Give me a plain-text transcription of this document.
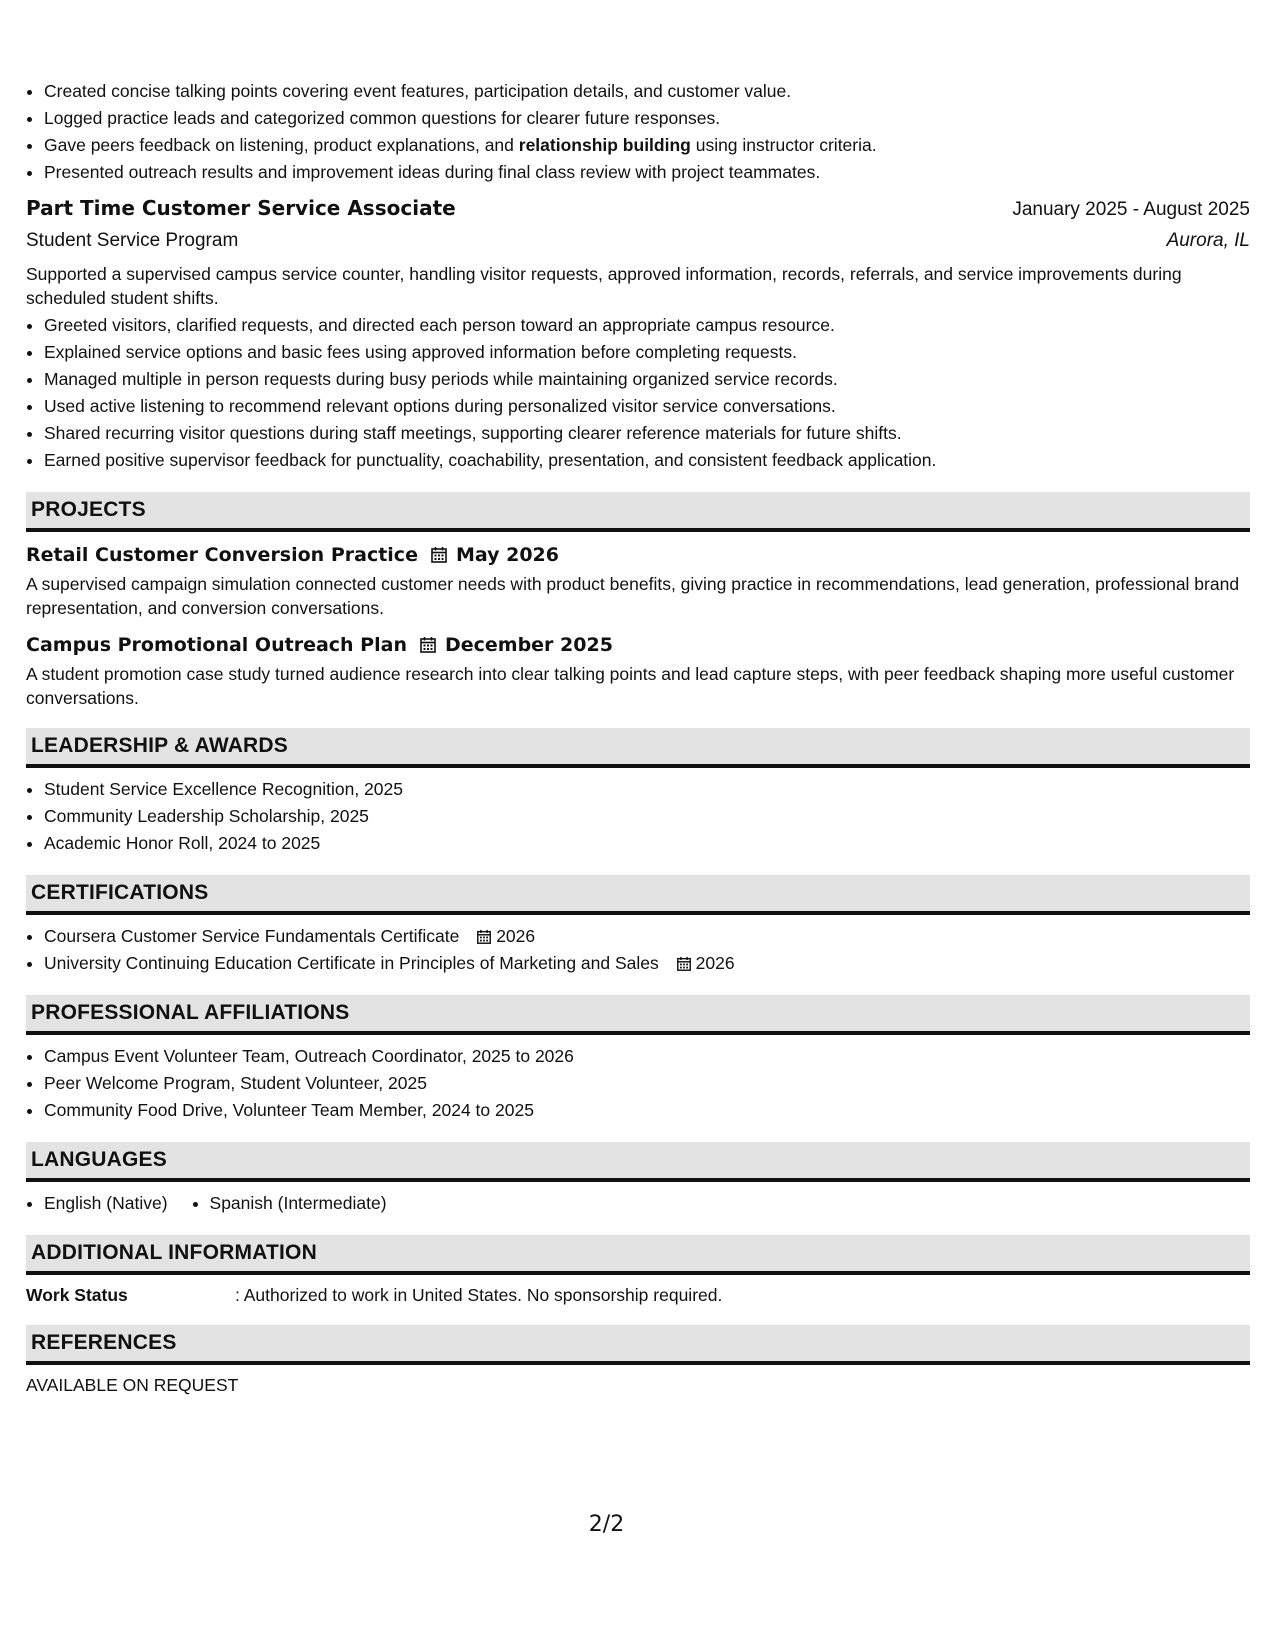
• Created concise talking points covering event features, participation details, and customer value.
• Logged practice leads and categorized common questions for clearer future responses.
• Gave peers feedback on listening, product explanations, and relationship building using instructor criteria.
• Presented outreach results and improvement ideas during final class review with project teammates.
Part Time Customer Service Associate	January 2025 - August 2025
Student Service Program	Aurora, IL
Supported a supervised campus service counter, handling visitor requests, approved information, records, referrals, and service improvements during scheduled student shifts.
• Greeted visitors, clarified requests, and directed each person toward an appropriate campus resource.
• Explained service options and basic fees using approved information before completing requests.
• Managed multiple in person requests during busy periods while maintaining organized service records.
• Used active listening to recommend relevant options during personalized visitor service conversations.
• Shared recurring visitor questions during staff meetings, supporting clearer reference materials for future shifts.
• Earned positive supervisor feedback for punctuality, coachability, presentation, and consistent feedback application.
PROJECTS
Retail Customer Conversion Practice May 2026
A supervised campaign simulation connected customer needs with product benefits, giving practice in recommendations, lead generation, professional brand representation, and conversion conversations.
Campus Promotional Outreach Plan December 2025
A student promotion case study turned audience research into clear talking points and lead capture steps, with peer feedback shaping more useful customer conversations.
LEADERSHIP & AWARDS
• Student Service Excellence Recognition, 2025
• Community Leadership Scholarship, 2025
• Academic Honor Roll, 2024 to 2025
CERTIFICATIONS
• Coursera Customer Service Fundamentals Certificate 2026
• University Continuing Education Certificate in Principles of Marketing and Sales 2026
PROFESSIONAL AFFILIATIONS
• Campus Event Volunteer Team, Outreach Coordinator, 2025 to 2026
• Peer Welcome Program, Student Volunteer, 2025
• Community Food Drive, Volunteer Team Member, 2024 to 2025
LANGUAGES
• English (Native)
• Spanish (Intermediate)
ADDITIONAL INFORMATION
Work Status	: Authorized to work in United States. No sponsorship required.
REFERENCES
AVAILABLE ON REQUEST
2/2
